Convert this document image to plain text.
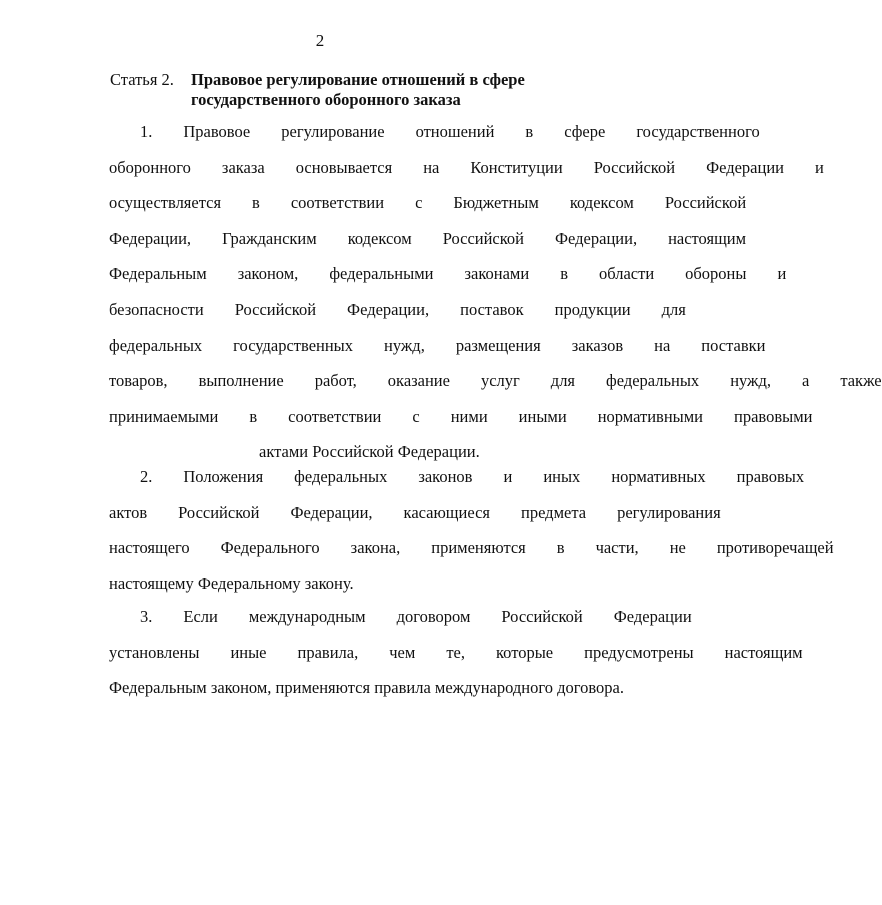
2
Статья 2. Правовое регулирование отношений в сфере
государственного оборонного заказа
1.	Правовое	регулирование	отношений	в	сфере	государственного
оборонного	заказа	основывается	на	Конституции	Российской	Федерации	и
осуществляется	в	соответствии	с	Бюджетным	кодексом	Российской
Федерации,	Гражданским	кодексом	Российской	Федерации,	настоящим
Федеральным	законом,	федеральными	законами	в	области	обороны	и
безопасности	Российской	Федерации,	поставок	продукции	для
федеральных	государственных	нужд,	размещения	заказов	на	поставки
товаров,	выполнение	работ,	оказание	услуг	для	федеральных	нужд,	а	также
принимаемыми	в	соответствии	с	ними	иными	нормативными	правовыми
актами Российской Федерации.
2.	Положения	федеральных	законов	и	иных	нормативных	правовых
актов	Российской	Федерации,	касающиеся	предмета	регулирования
настоящего	Федерального	закона,	применяются	в	части,	не	противоречащей
настоящему Федеральному закону.
3.	Если	международным	договором	Российской	Федерации
установлены	иные	правила,	чем	те,	которые	предусмотрены	настоящим
Федеральным законом, применяются правила международного договора.
